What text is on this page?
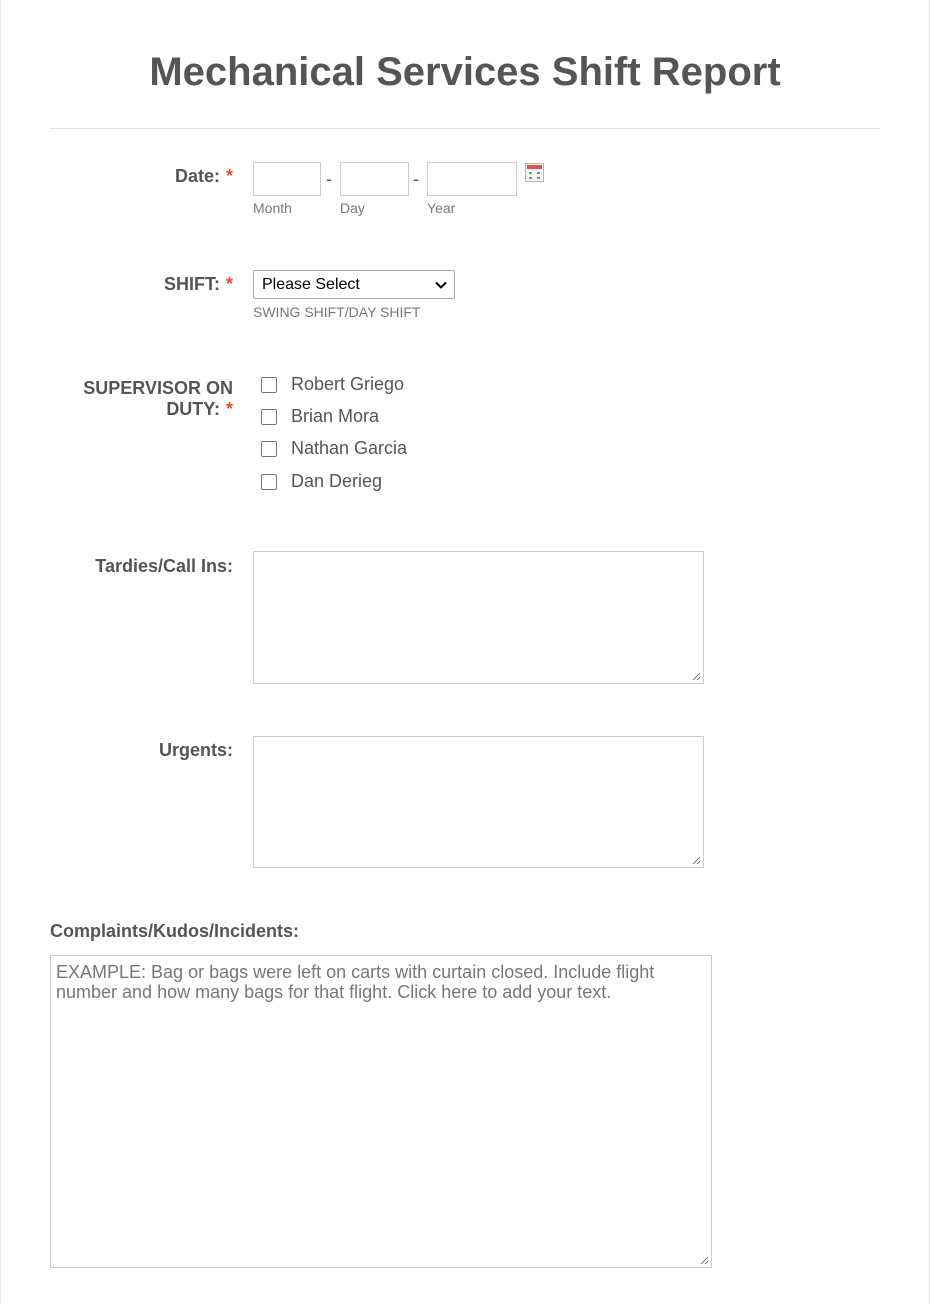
Mechanical Services Shift Report
Date: *	-	-
Month	Day	Year
SHIFT: * Please Select
SWING SHIFT/DAY SHIFT
SUPERVISOR ON
DUTY: *
Robert Griego
Brian Mora
Nathan Garcia
Dan Derieg
Tardies/Call Ins:
Urgents:
Complaints/Kudos/Incidents:
EXAMPLE: Bag or bags were left on carts with curtain closed. Include flight number and how many bags for that flight. Click here to add your text.
